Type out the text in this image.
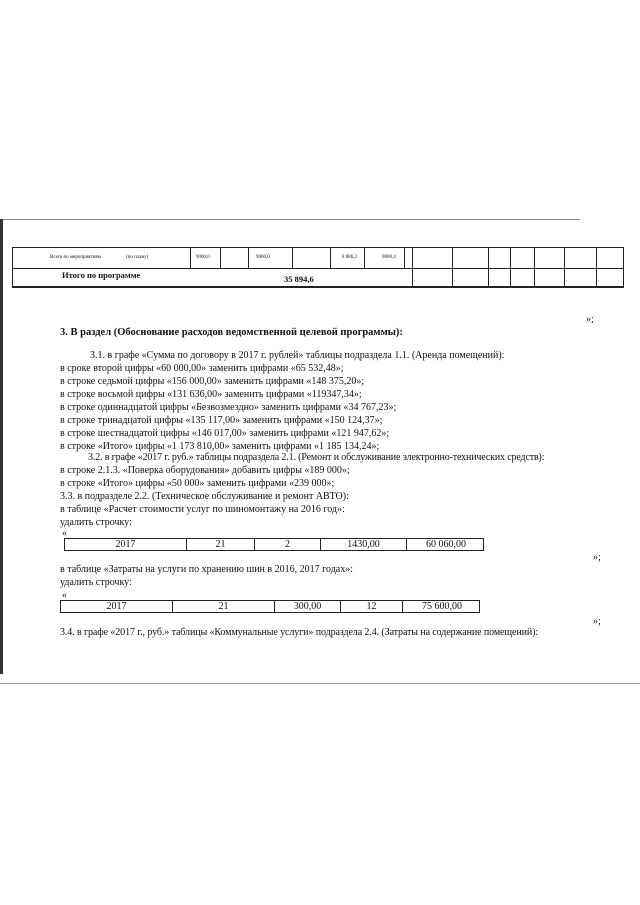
Всего по мероприятиям	(по плану)	9000,0	9000,0	8 886,2	9000,4
Итого по программе	35 894,6
»;
3. В раздел (Обоснование расходов ведомственной целевой программы):
3.1. в графе «Сумма по договору в 2017 г. рублей» таблицы подраздела 1.1. (Аренда помещений):
в сроке второй цифры «60 000,00» заменить цифрами «65 532,48»;
в строке седьмой цифры «156 000,00» заменить цифрами «148 375,20»;
в строке восьмой цифры «131 636,00» заменить цифрами «119347,34»;
в строке одиннадцатой цифры «Безвозмездно» заменить цифрами «34 767,23»;
в строке тринадцатой цифры «135 117,00» заменить цифрами «150 124,37»;
в строке шестнадцатой цифры «146 017,00» заменить цифрами «121 947,62»;
в строке «Итого» цифры «1 173 810,00» заменить цифрами «1 185 134,24»;
3.2. в графе «2017 г. руб.» таблицы подраздела 2.1. (Ремонт и обслуживание электронно-технических средств):
в строке 2.1.3. «Поверка оборудования» добавить цифры «189 000»;
в строке «Итого» цифры «50 000» заменить цифрами «239 000»;
3.3. в подразделе 2.2. (Техническое обслуживание и ремонт АВТО):
в таблице «Расчет стоимости услуг по шиномонтажу на 2016 год»:
удалить строчку:
«
2017	21	2	1430,00	60 060,00
»;
в таблице «Затраты на услуги по хранению шин в 2016, 2017 годах»:
удалить строчку:
«
2017	21	300,00	12	75 600,00
»;
3.4. в графе «2017 г., руб.» таблицы «Коммунальные услуги» подраздела 2.4. (Затраты на содержание помещений):
